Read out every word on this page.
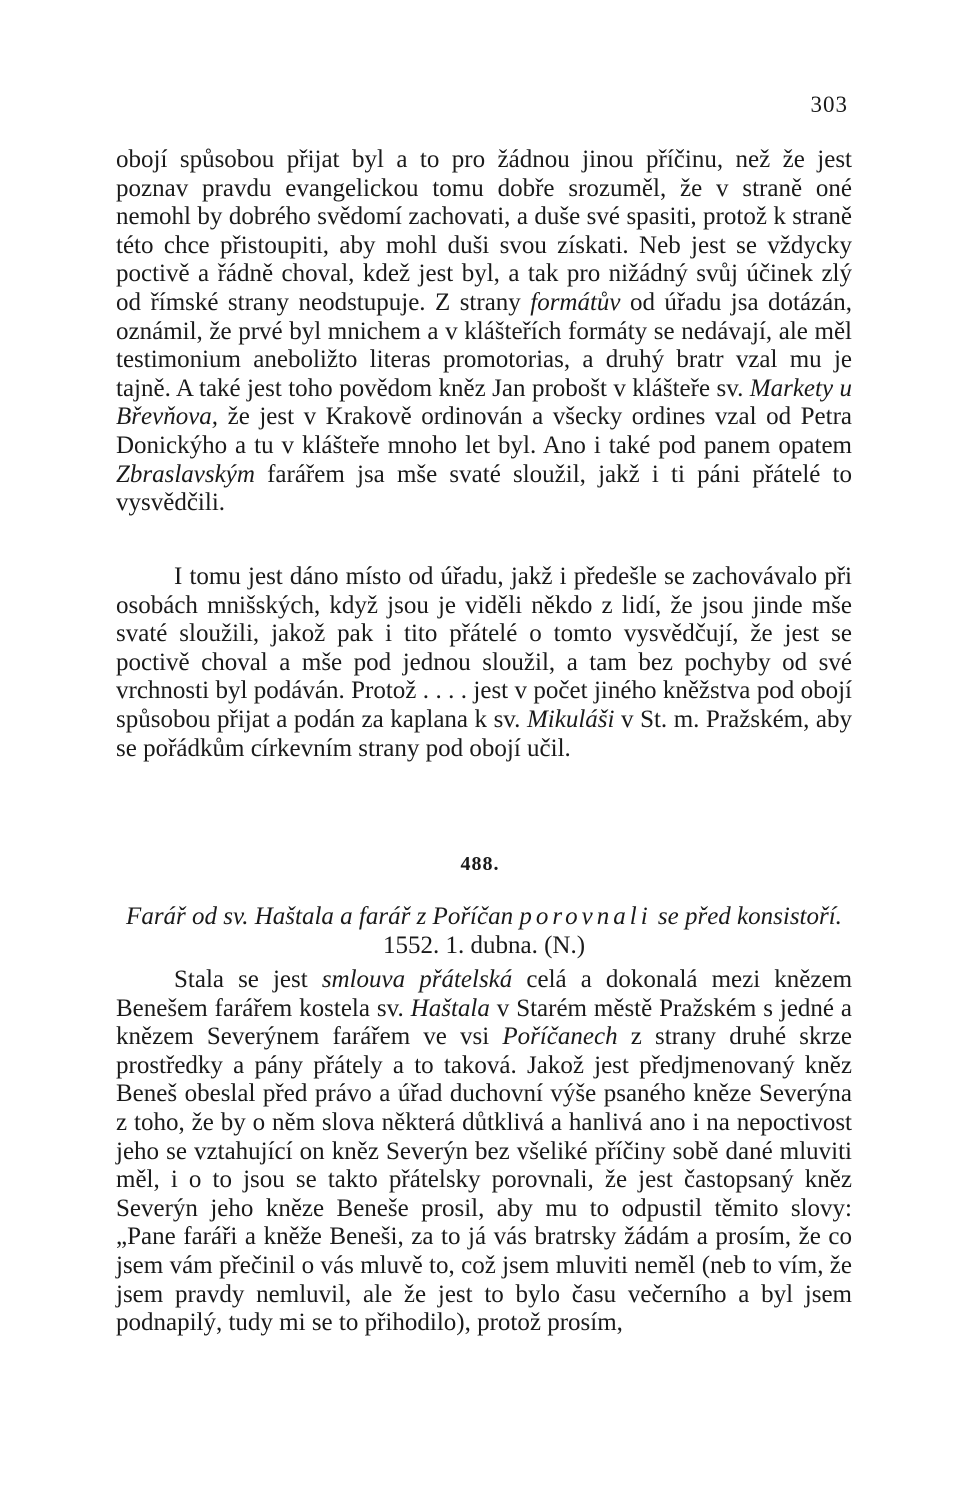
303

obojí spůsobou přijat byl a to pro žádnou jinou příčinu, než že jest poznav pravdu evangelickou tomu dobře srozuměl, že v straně oné nemohl by dobrého svědomí zachovati, a duše své spasiti, protož k straně této chce přistoupiti, aby mohl duši svou získati. Neb jest se vždycky poctivě a řádně choval, kdež jest byl, a tak pro nižádný svůj účinek zlý od římské strany neodstupuje. Z strany formátův od úřadu jsa dotázán, oznámil, že prvé byl mnichem a v klášteřích formáty se nedávají, ale měl testimonium aneboližto literas promotorias, a druhý bratr vzal mu je tajně. A také jest toho povědom kněz Jan probošt v klášteře sv. Markety u Břevňova, že jest v Krakově ordinován a všecky ordines vzal od Petra Donickýho a tu v klášteře mnoho let byl. Ano i také pod panem opatem Zbraslavským farářem jsa mše svaté sloužil, jakž i ti páni přátelé to vysvědčili.

I tomu jest dáno místo od úřadu, jakž i předešle se zachovávalo při osobách mnišských, když jsou je viděli někdo z lidí, že jsou jinde mše svaté sloužili, jakož pak i tito přátelé o tomto vysvědčují, že jest se poctivě choval a mše pod jednou sloužil, a tam bez pochyby od své vrchnosti byl podáván. Protož . . . . jest v počet jiného kněžstva pod obojí spůsobou přijat a podán za kaplana k sv. Mikuláši v St. m. Pražském, aby se pořádkům církevním strany pod obojí učil.

488.
Farář od sv. Haštala a farář z Poříčan porovnali se před konsistoří. 1552. 1. dubna. (N.)

Stala se jest smlouva přátelská celá a dokonalá mezi knězem Benešem farářem kostela sv. Haštala v Starém městě Pražském s jedné a knězem Severýnem farářem ve vsi Poříčanech z strany druhé skrze prostředky a pány přátely a to taková. Jakož jest předjmenovaný kněz Beneš obeslal před právo a úřad duchovní výše psaného kněze Severýna z toho, že by o něm slova některá důtklivá a hanlivá ano i na nepoctivost jeho se vztahující on kněz Severýn bez všeliké příčiny sobě dané mluviti měl, i o to jsou se takto přátelsky porovnali, že jest častopsaný kněz Severýn jeho kněze Beneše prosil, aby mu to odpustil těmito slovy: „Pane faráři a kněže Beneši, za to já vás bratrsky žádám a prosím, že co jsem vám přečinil o vás mluvě to, což jsem mluviti neměl (neb to vím, že jsem pravdy nemluvil, ale že jest to bylo času večerního a byl jsem podnapilý, tudy mi se to přihodilo), protož prosím,
